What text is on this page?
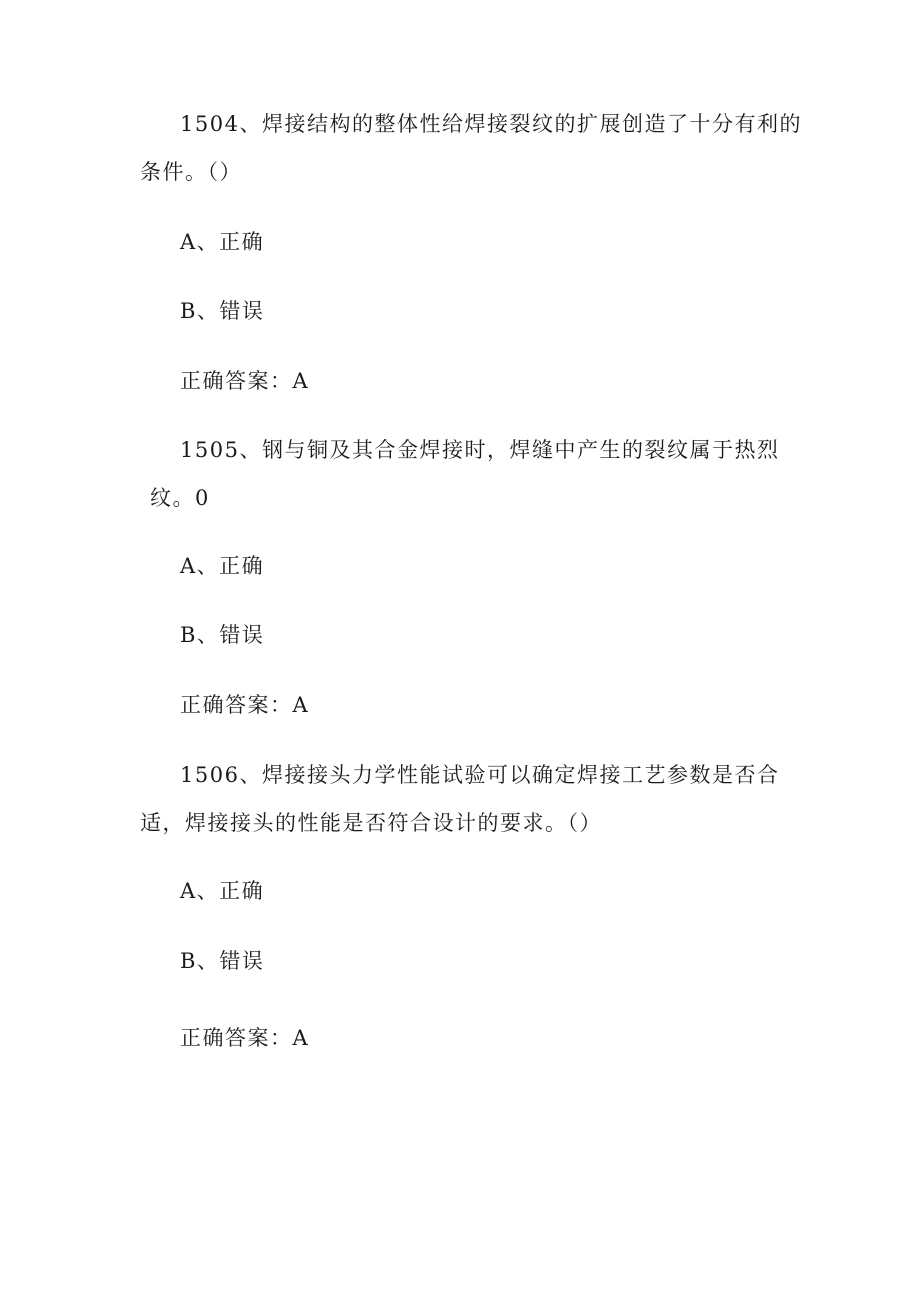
1504、焊接结构的整体性给焊接裂纹的扩展创造了十分有利的
条件。（）
A、正确
B、错误
正确答案：A
1505、钢与铜及其合金焊接时，焊缝中产生的裂纹属于热烈
纹。0
A、正确
B、错误
正确答案：A
1506、焊接接头力学性能试验可以确定焊接工艺参数是否合
适，焊接接头的性能是否符合设计的要求。（）
A、正确
B、错误
正确答案：A
